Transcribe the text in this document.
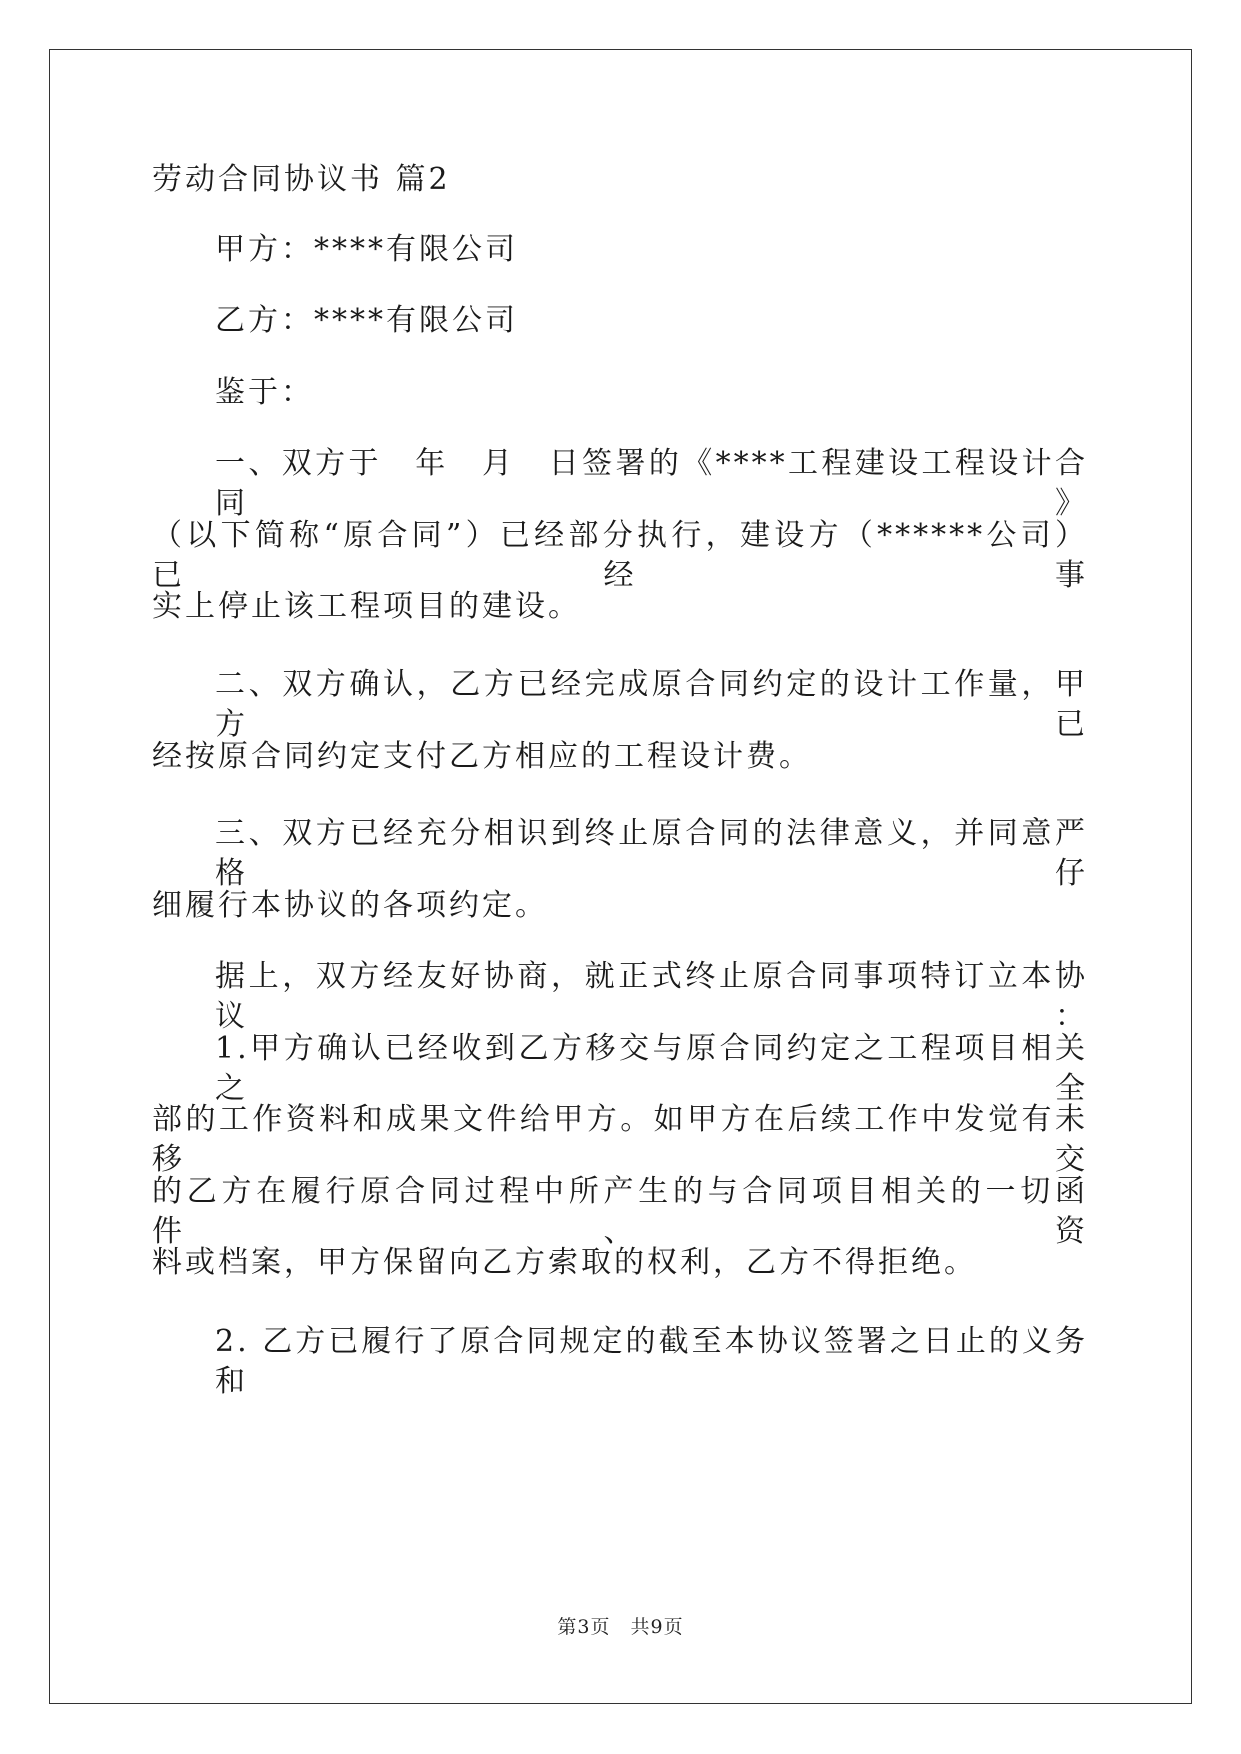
劳动合同协议书 篇2
甲方：****有限公司
乙方：****有限公司
鉴于：
一、双方于　年　月　日签署的《****工程建设工程设计合同》
（以下简称“原合同”）已经部分执行，建设方（******公司）已经事
实上停止该工程项目的建设。
二、双方确认，乙方已经完成原合同约定的设计工作量，甲方已
经按原合同约定支付乙方相应的工程设计费。
三、双方已经充分相识到终止原合同的法律意义，并同意严格仔
细履行本协议的各项约定。
据上，双方经友好协商，就正式终止原合同事项特订立本协议：
1.甲方确认已经收到乙方移交与原合同约定之工程项目相关之全
部的工作资料和成果文件给甲方。如甲方在后续工作中发觉有未移交
的乙方在履行原合同过程中所产生的与合同项目相关的一切函件、资
料或档案，甲方保留向乙方索取的权利，乙方不得拒绝。
2. 乙方已履行了原合同规定的截至本协议签署之日止的义务和
第3页　共9页
